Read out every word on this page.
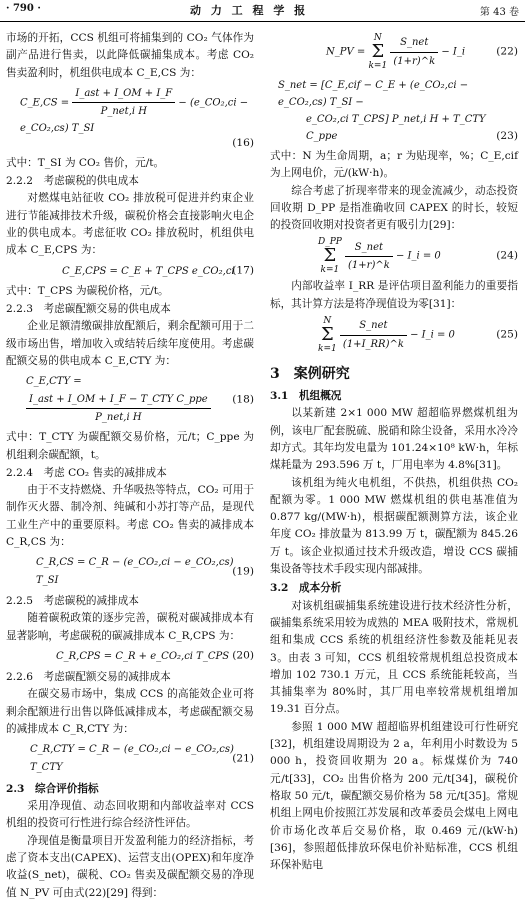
· 790 ·	动 力 工 程 学 报	第 43 卷
市场的开拓，CCS 机组可将捕集到的 CO₂ 气体作为副产品进行售卖，以此降低碳捕集成本。考虑 CO₂ 售卖盈利时，机组供电成本 C_E,CS 为：
C_E,CS = $\frac{\text{I\_ast + I\_OM + I\_F}}{\text{P\_net,i H}}$ − (e_CO₂,ci − e_CO₂,cs) T_SI
(16)
式中：T_SI 为 CO₂ 售价，元/t。
2.2.2　考虑碳税的供电成本
对燃煤电站征收 CO₂ 排放税可促进并约束企业进行节能减排技术升级，碳税价格会直接影响火电企业的供电成本。考虑征收 CO₂ 排放税时，机组供电成本 C_E,CPS 为：
C_E,CPS = C_E + T_CPS e_CO₂,ci
(17)
式中：T_CPS 为碳税价格，元/t。
2.2.3　考虑碳配额交易的供电成本
企业足额清缴碳排放配额后，剩余配额可用于二级市场出售，增加收入或结转后续年度使用。考虑碳配额交易的供电成本 C_E,CTY 为：
C_E,CTY =
$\frac{\text{I\_ast + I\_OM + I\_F − T\_CTY C\_ppe}}{\text{P\_net,i H}} (18)$
式中：T_CTY 为碳配额交易价格，元/t；C_ppe 为机组剩余碳配额，t。
2.2.4　考虑 CO₂ 售卖的减排成本
由于不支持燃烧、升华吸热等特点，CO₂ 可用于制作灭火器、制冷剂、纯碱和小苏打等产品，是现代工业生产中的重要原料。考虑 CO₂ 售卖的减排成本 C_R,CS 为：
C_R,CS = C_R − (e_CO₂,ci − e_CO₂,cs) T_SI
(19)
2.2.5　考虑碳税的减排成本
随着碳税政策的逐步完善，碳税对碳减排成本有显著影响，考虑碳税的碳减排成本 C_R,CPS 为：
C_R,CPS = C_R + e_CO₂,ci T_CPS (20)
2.2.6　考虑碳配额交易的减排成本
在碳交易市场中，集成 CCS 的高能效企业可将剩余配额进行出售以降低减排成本，考虑碳配额交易的减排成本 C_R,CTY 为：
C_R,CTY = C_R − (e_CO₂,ci − e_CO₂,cs) T_CTY
(21)
2.3　综合评价指标
采用净现值、动态回收期和内部收益率对 CCS 机组的投资可行性进行综合经济性评估。
净现值是衡量项目开发盈利能力的经济指标，考虑了资本支出(CAPEX)、运营支出(OPEX)和年度净收益(S_net)，碳税、CO₂ 售卖及碳配额交易的净现值 N_PV 可由式(22)[29] 得到：
N_PV =
N
Σ
k=1
$\frac{\text{S\_net}}{(1+r)\^{}k}$ − I_i	(22)
S_net = [C_E,cif − C_E + (e_CO₂,ci − e_CO₂,cs) T_SI −
e_CO₂,ci T_CPS] P_net,i H + T_CTY C_ppe	(23)
式中：N 为生命周期，a；r 为贴现率，%；C_E,cif 为上网电价，元/(kW·h)。
综合考虑了折现率带来的现金流减少，动态投资回收期 D_PP 是指准确收回 CAPEX 的时长，较短的投资回收期对投资者更有吸引力[29]：
D_PP
Σ
k=1
$\frac{\text{S\_net}}{(1+r)\^{}k}$ − I_i = 0	(24)
内部收益率 I_RR 是评估项目盈利能力的重要指标，其计算方法是将净现值设为零[31]：
N
Σ
k=1
$\frac{\text{S\_net}}{(1+I\_RR)\^{}k}$ − I_i = 0	(25)
3　案例研究
3.1　机组概况
以某新建 2×1 000 MW 超超临界燃煤机组为例，该电厂配套脱硫、脱硝和除尘设备，采用水冷冷却方式。其年均发电量为 101.24×10⁸ kW·h，年标煤耗量为 293.596 万 t，厂用电率为 4.8%[31]。
该机组为纯火电机组，不供热，机组供热 CO₂ 配额为零。1 000 MW 燃煤机组的供电基准值为 0.877 kg/(MW·h)，根据碳配额测算方法，该企业年度 CO₂ 排放量为 813.99 万 t，碳配额为 845.26 万 t。该企业拟通过技术升级改造，增设 CCS 碳捕集设备等技术手段实现内部减排。
3.2　成本分析
对该机组碳捕集系统建设进行技术经济性分析，碳捕集系统采用较为成熟的 MEA 吸附技术，常规机组和集成 CCS 系统的机组经济性参数及能耗见表 3。由表 3 可知，CCS 机组较常规机组总投资成本增加 102 730.1 万元，且 CCS 系统能耗较高，当其捕集率为 80%时，其厂用电率较常规机组增加 19.31 百分点。
参照 1 000 MW 超超临界机组建设可行性研究[32]，机组建设周期设为 2 a，年利用小时数设为 5 000 h，投资回收期为 20 a。标煤煤价为 740 元/t[33]，CO₂ 出售价格为 200 元/t[34]，碳税价格取 50 元/t，碳配额交易价格为 58 元/t[35]。常规机组上网电价按照江苏发展和改革委员会煤电上网电价市场化改革后交易价格，取 0.469 元/(kW·h)[36]，参照超低排放环保电价补贴标准，CCS 机组环保补贴电
